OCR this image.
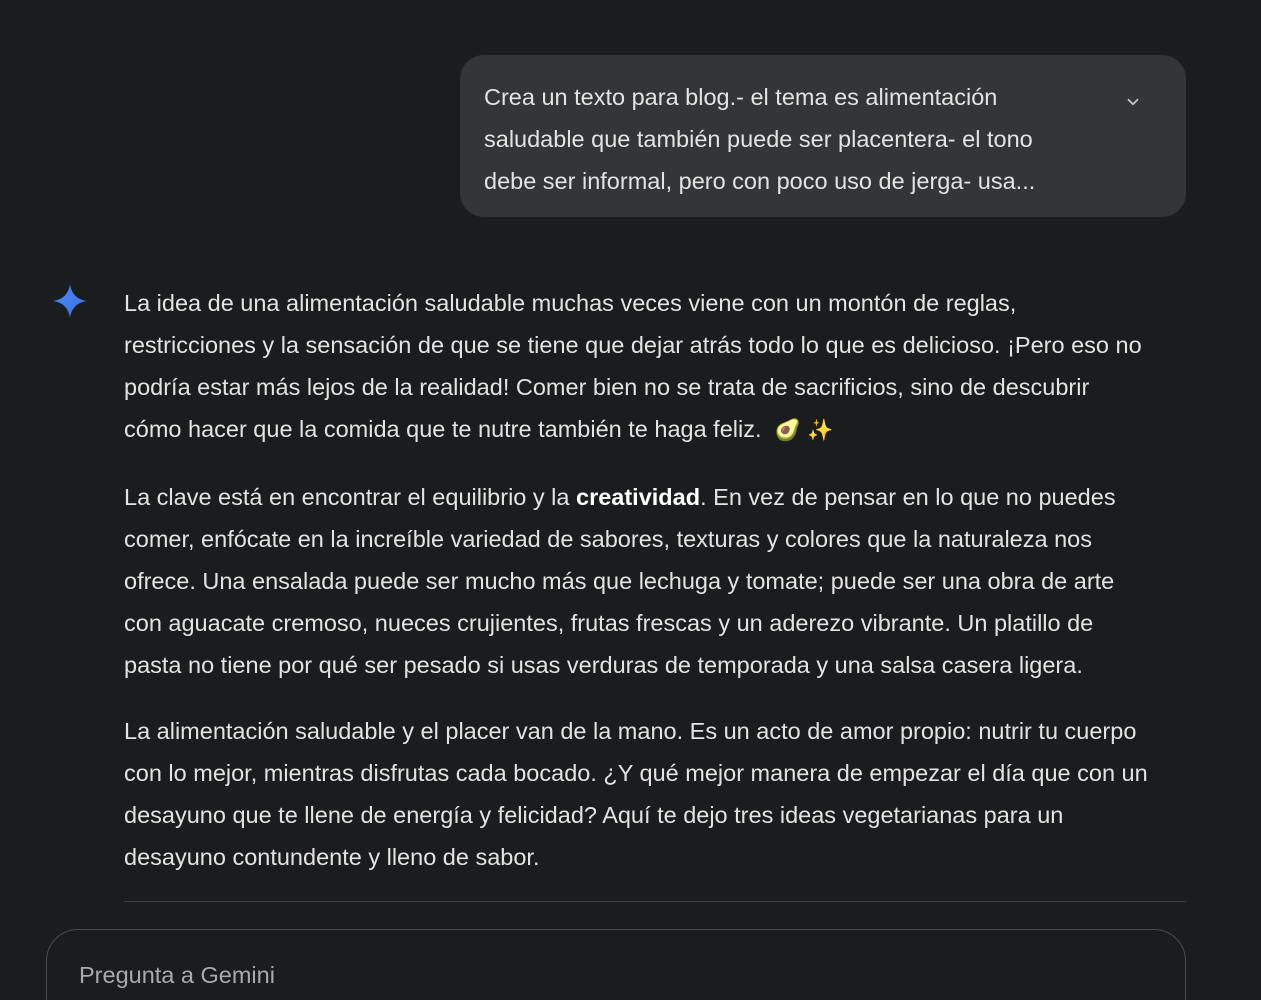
Crea un texto para blog.- el tema es alimentación
saludable que también puede ser placentera- el tono
debe ser informal, pero con poco uso de jerga- usa...

La idea de una alimentación saludable muchas veces viene con un montón de reglas,
restricciones y la sensación de que se tiene que dejar atrás todo lo que es delicioso. ¡Pero eso no
podría estar más lejos de la realidad! Comer bien no se trata de sacrificios, sino de descubrir
cómo hacer que la comida que te nutre también te haga feliz. 🥑 ✨

La clave está en encontrar el equilibrio y la creatividad. En vez de pensar en lo que no puedes
comer, enfócate en la increíble variedad de sabores, texturas y colores que la naturaleza nos
ofrece. Una ensalada puede ser mucho más que lechuga y tomate; puede ser una obra de arte
con aguacate cremoso, nueces crujientes, frutas frescas y un aderezo vibrante. Un platillo de
pasta no tiene por qué ser pesado si usas verduras de temporada y una salsa casera ligera.

La alimentación saludable y el placer van de la mano. Es un acto de amor propio: nutrir tu cuerpo
con lo mejor, mientras disfrutas cada bocado. ¿Y qué mejor manera de empezar el día que con un
desayuno que te llene de energía y felicidad? Aquí te dejo tres ideas vegetarianas para un
desayuno contundente y lleno de sabor.

Pregunta a Gemini
